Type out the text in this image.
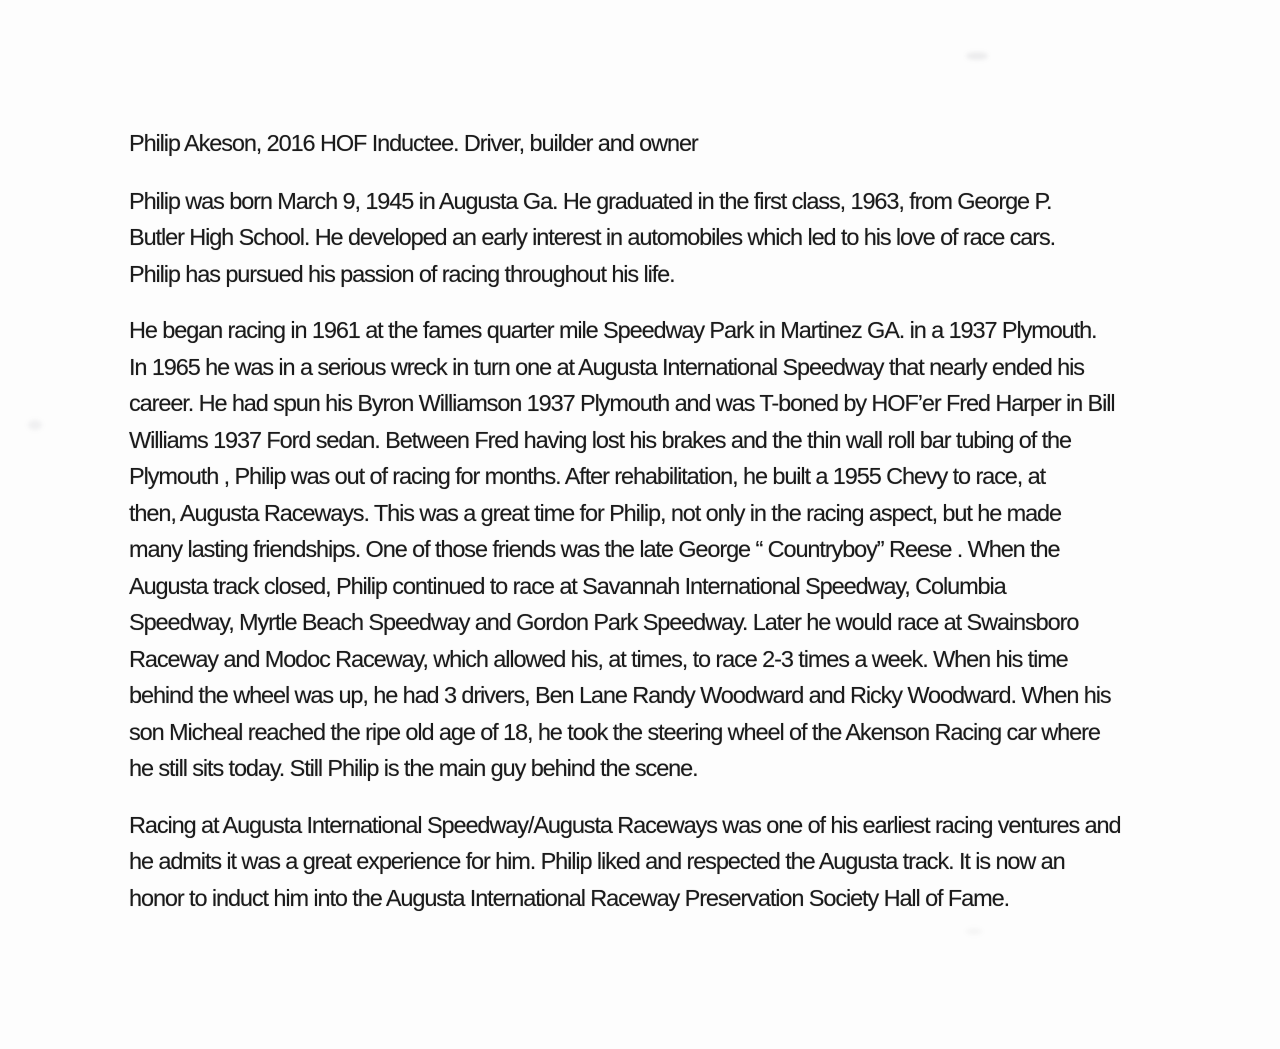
Philip Akeson, 2016 HOF Inductee. Driver, builder and owner
Philip was born March 9, 1945 in Augusta Ga. He graduated in the first class, 1963, from George P.
Butler High School. He developed an early interest in automobiles which led to his love of race cars.
Philip has pursued his passion of racing throughout his life.
He began racing in 1961 at the fames quarter mile Speedway Park in Martinez GA. in a 1937 Plymouth.
In 1965 he was in a serious wreck in turn one at Augusta International Speedway that nearly ended his
career. He had spun his Byron Williamson 1937 Plymouth and was T-boned by HOF’er Fred Harper in Bill
Williams 1937 Ford sedan. Between Fred having lost his brakes and the thin wall roll bar tubing of the
Plymouth , Philip was out of racing for months. After rehabilitation, he built a 1955 Chevy to race, at
then, Augusta Raceways. This was a great time for Philip, not only in the racing aspect, but he made
many lasting friendships. One of those friends was the late George “ Countryboy” Reese . When the
Augusta track closed, Philip continued to race at Savannah International Speedway, Columbia
Speedway, Myrtle Beach Speedway and Gordon Park Speedway. Later he would race at Swainsboro
Raceway and Modoc Raceway, which allowed his, at times, to race 2-3 times a week. When his time
behind the wheel was up, he had 3 drivers, Ben Lane Randy Woodward and Ricky Woodward. When his
son Micheal reached the ripe old age of 18, he took the steering wheel of the Akenson Racing car where
he still sits today. Still Philip is the main guy behind the scene.
Racing at Augusta International Speedway/Augusta Raceways was one of his earliest racing ventures and
he admits it was a great experience for him. Philip liked and respected the Augusta track. It is now an
honor to induct him into the Augusta International Raceway Preservation Society Hall of Fame.
